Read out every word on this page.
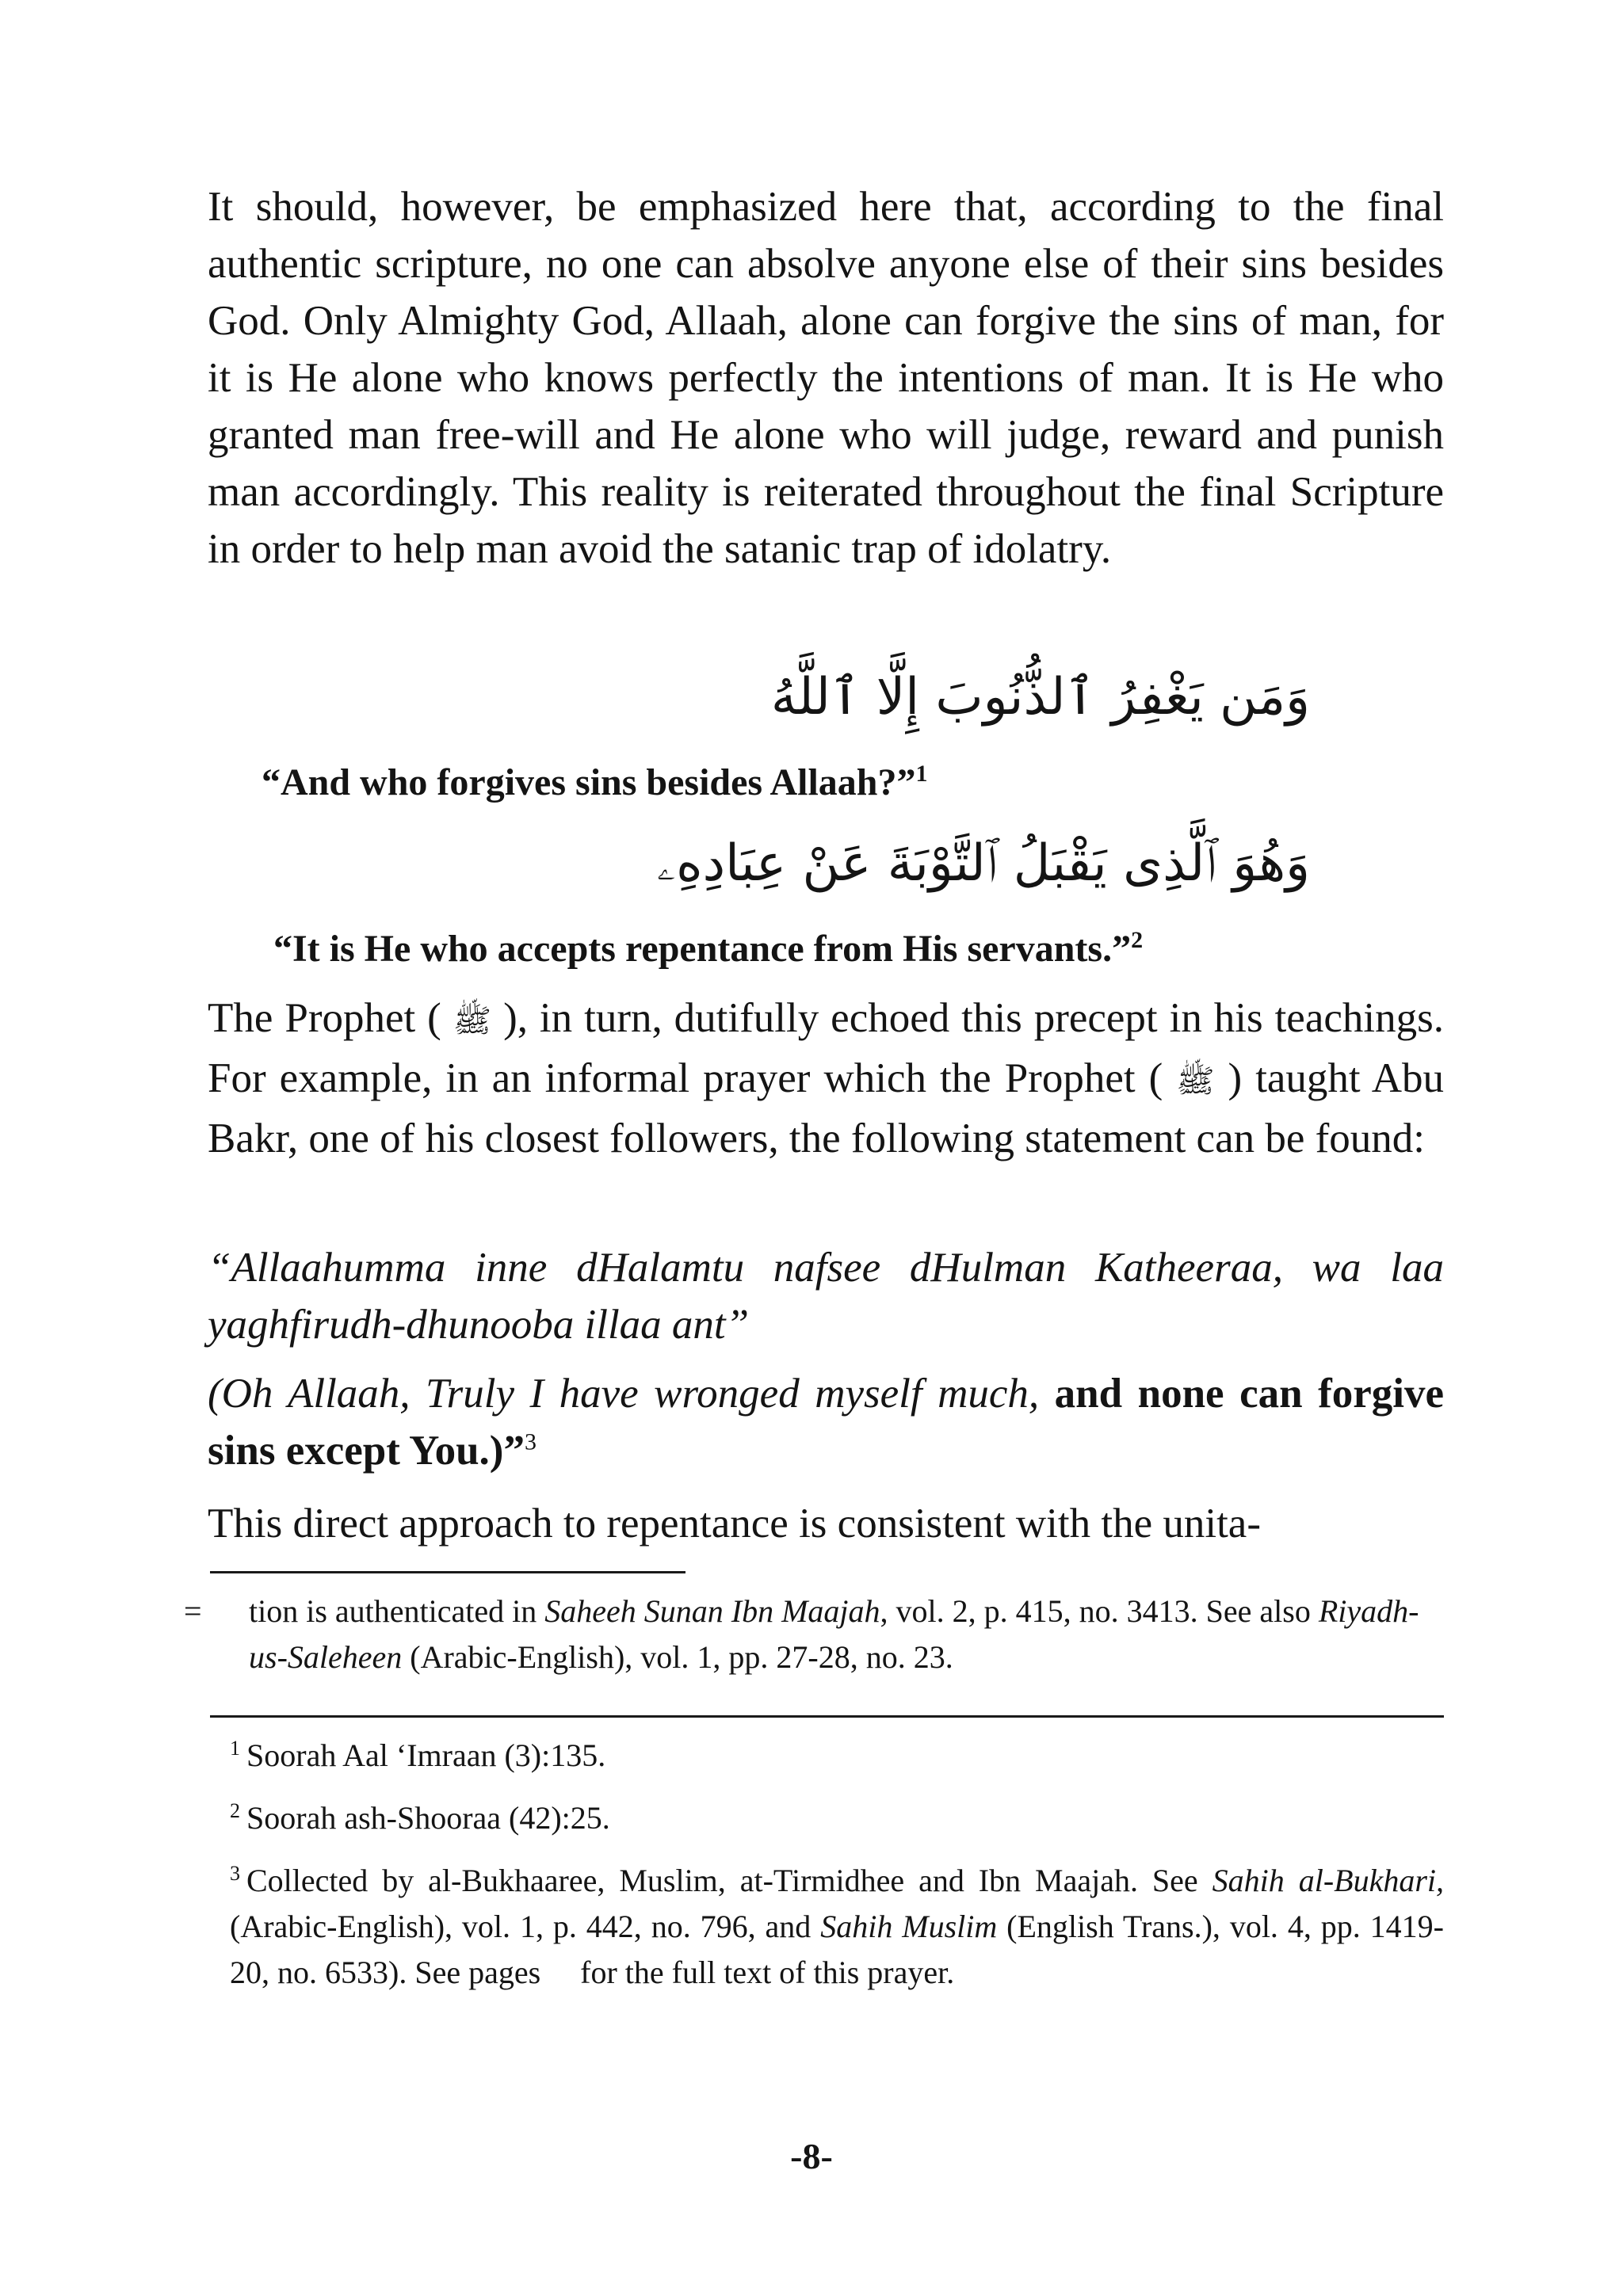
It should, however, be emphasized here that, according to the final authentic scripture, no one can absolve anyone else of their sins besides God. Only Almighty God, Allaah, alone can forgive the sins of man, for it is He alone who knows perfectly the intentions of man. It is He who granted man free-will and He alone who will judge, reward and punish man accordingly. This reality is reiterated throughout the final Scripture in order to help man avoid the satanic trap of idolatry.
وَمَن يَغْفِرُ ٱلذُّنُوبَ إِلَّا ٱللَّهُ
“And who forgives sins besides Allaah?”$^1$
وَهُوَ ٱلَّذِى يَقْبَلُ ٱلتَّوْبَةَ عَنْ عِبَادِهِۦ
“It is He who accepts repentance from His servants.”$^2$
The Prophet ( ﷺ ), in turn, dutifully echoed this precept in his teachings. For example, in an informal prayer which the Prophet ( ﷺ ) taught Abu Bakr, one of his closest followers, the following statement can be found:
“Allaahumma inne dHalamtu nafsee dHulman Katheeraa, wa laa yaghfirudh-dhunooba illaa ant”
(Oh Allaah, Truly I have wronged myself much, and none can forgive sins except You.)”$^3$
This direct approach to repentance is consistent with the unita-
= tion is authenticated in Saheeh Sunan Ibn Maajah, vol. 2, p. 415, no. 3413. See also Riyadh-us-Saleheen (Arabic-English), vol. 1, pp. 27-28, no. 23.
$^1$ Soorah Aal ‘Imraan (3):135.
$^2$ Soorah ash-Shooraa (42):25.
$^3$ Collected by al-Bukhaaree, Muslim, at-Tirmidhee and Ibn Maajah. See Sahih al-Bukhari, (Arabic-English), vol. 1, p. 442, no. 796, and Sahih Muslim (English Trans.), vol. 4, pp. 1419-20, no. 6533). See pages     for the full text of this prayer.
-8-
